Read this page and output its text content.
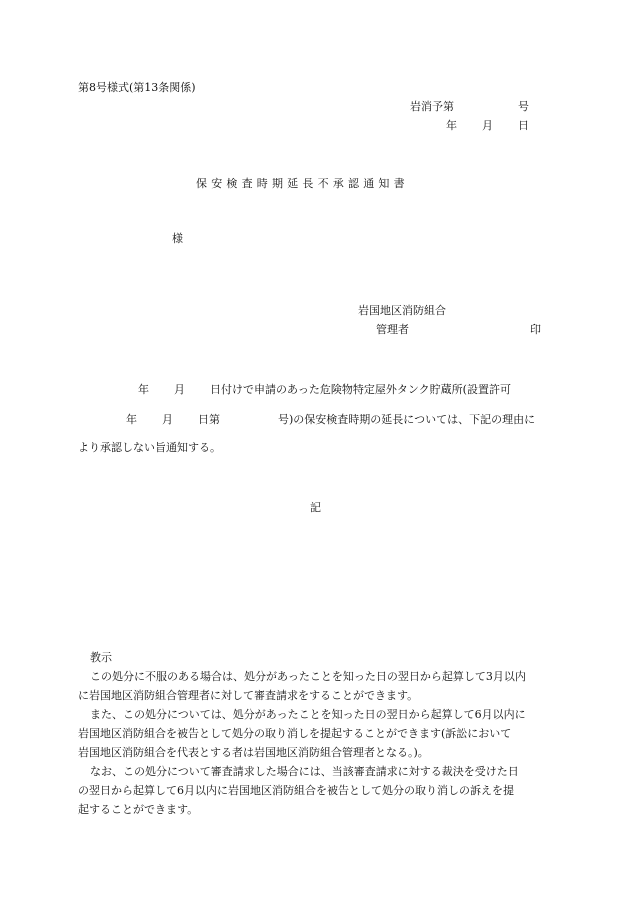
第8号様式(第13条関係)
岩消予第	号
年 月 日
保安検査時期延長不承認通知書
様
岩国地区消防組合
管理者	印
年 月 日付けで申請のあった危険物特定屋外タンク貯蔵所(設置許可
年 月 日第	号)の保安検査時期の延長については、下記の理由に
より承認しない旨通知する。
記
教示
この処分に不服のある場合は、処分があったことを知った日の翌日から起算して3月以内
に岩国地区消防組合管理者に対して審査請求をすることができます。
また、この処分については、処分があったことを知った日の翌日から起算して6月以内に
岩国地区消防組合を被告として処分の取り消しを提起することができます(訴訟において
岩国地区消防組合を代表とする者は岩国地区消防組合管理者となる。)。
なお、この処分について審査請求した場合には、当該審査請求に対する裁決を受けた日
の翌日から起算して6月以内に岩国地区消防組合を被告として処分の取り消しの訴えを提
起することができます。
